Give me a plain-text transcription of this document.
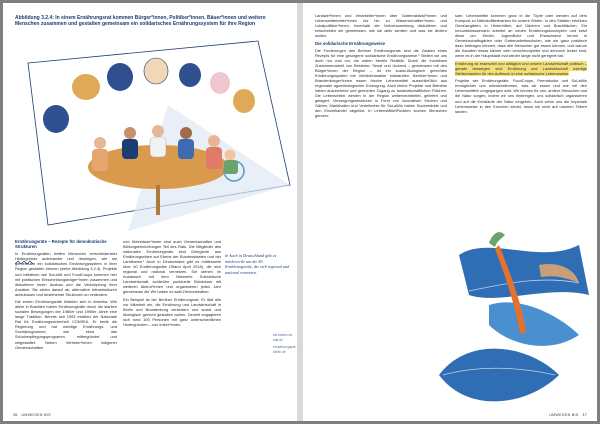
Abbildung 3.2.4: In einem Ernährungsrat kommen Bürger*innen, Politiker*innen, Bäuer*innen und weitere Menschen zusammen und gestalten gemeinsam ein solidarisches Ernährungssystem für ihre Region
Ernährungsräte – Rezepte für demokratische Strukturen

In Ernährungsräten treffen Menschen verschiedenster Hintergründe aufeinander und überlegen, wie sie gemeinsam ein solidarisches Ernährungssystem in ihrer Region gestalten können (siehe Abbildung 3.2.4). Projekte und Initiativen wie SoLaWi und FoodCoops kommen hier mit politischen Entscheidungsträger*innen zusammen und diskutieren einen Ausbau und die Verknüpfung ihrer Ansätze. Sie zielen darauf ab, alternative Infrastrukturen aufzubauen und bestehende Strukturen zu verändern.

Die ersten Ernährungsräte bildeten sich in Amerika. Wie allem in Brasilien haben Ernährungsräte durch die starken sozialen Bewegungen der 1980er und 1990er Jahre eine lange Tradition. Bereits seit 1993 existiert der Nationale Rat für Ernährungssicherheit CONSEA. Er berät die Regierung und hat wichtige Ernährungs- und Sozialprogramme, wie etwa das Schulverpflegungsprogramm, mitbegründet und mitgestaltet. Neben Vertreter*innen indigener Gemeinschaften

und Kleinbäuer*innen sind auch Gewerkschaften und Bildungseinrichtungen Teil des Rats. Die Mitglieder des nationalen Ernährungsrats sind Delegierte aus Ernährungsräten auf Ebene der Bundesstaaten und der Landkreise.¹ Auch in Deutschland gibt es mittlerweile über 40 Ernährungsräte (Stand April 2018), die sich regional und national vernetzen. Sie stehen im Austausch mit dem Netzwerk Solidarische Landwirtschaft, schließen punktuelle Bündnisse mit weiteren Akteur*innen und organisieren jedes Jahr gemeinsam die Wir haben es satt!-Demonstration.

Ein Beispiel ist der Berliner Ernährungsrat. Er lädt alle zur Mitarbeit ein, die Ernährung und Landwirtschaft in Berlin und Brandenburg verändern und sozial und ökologisch gerecht gestalten wollen. Derzeit engagieren sich rund 100 Personen mit ganz unterschiedlichen Hintergründen – von Imker*innen,

» Auch in Deutschland gibt es mittlerweile um die 40 Ernährungsräte, die sich regional und national vernetzen.
wir-haben-es-satt.de
ernaehrungsrat-berlin.de
36 UMWEGEN BIS

Landwirt*innen und Verarbeiter*innen über Gartenaktivist*innen und Lebensmittelretter*innen bis hin zu Wissenschaftler*innen und Lokalpolitiker*innen. Innerhalb der Vollversammlung diskutieren und entscheiden sie gemeinsam, wie sie aktiv werden und was sie ändern wollen.

Die solidarische Ernährungsweise

Die Forderungen des Berliner Ernährungsrats sind die Zutaten eines Rezepts für eine gelungene solidarische Ernährungsweise.² Stellen wir uns doch nur mal vor, sie wären bereits Realität: Durch die fruchtbare Zusammenarbeit von Besteher, Senat und Umland – gemeinsam mit den Bürger*innen der Region – ist ein sozial-ökologisch gerechtes Ernährungssystem mit Vorbildcharakter entstanden. Berliner*innen und Brandenburger*innen essen frische Lebensmittel ausschließlich aus regionaler agrarökologischer Erzeugung. Auch kleine Projekte und Betriebe haben ausreichend und gerechten Zugang zu landwirtschaftlichen Flächen. Die Lebensmittel werden in der Region weiterverarbeitet, geliefert und gelagert. Versorgungsstrukturen in Form von innovativen Küchen und Gärten, Markthallen und Verteilnetze für SoLaWis haben Supermärkte und den Einzelhandel abgelöst. In LebensMittelPunkten kochen Menschen gemein-

sam. Lebensmittel kommen ganz in die Töpfe oder werden auf dem Kompost zu Nährstofflieferanten für unsere Böden. In den Städten erblühen Gemüsegärten in Hinterhöfen, auf Dächern und Brachflächen. Ein Innovationsszenario arbeitet an neuen Ernährungskonzepten und setzt diese um. Kinder, Jugendliche und Erwachsene lernen in Gemeinschaftsgärten oder Gartenarbeitsschulen, wie sie ganz praktisch dazu beitragen können, dass alle Menschen gut essen können, und warum die Karotten etwas kleiner oder verschrumpelter und dennoch lecker sind, wenn es in der Hauptstadt mal wieder lange nicht geregnet hat.

Ernährung ist essenziell und alltäglich und unsere Landwirtschaft politisch – gerade deswegen sind Ernährung und Landwirtschaft wichtige Stellschrauben für den Aufbruch in eine solidarische Lebensweise.

Projekte wie Ernährungsräte, FoodCoops, Permakultur und SoLaWis ermöglichen uns mitzubestimmen, was wir essen und wie mit den Lebensmitteln umgegangen wird. Wir können für uns, andere Menschen und die Natur sorgen, indem wir uns einbringen, uns solidarisch organisieren und auf die Kreisläufe der Natur eingehen. Auch wenn uns die Imperiale Lebensweise in den Knochen steckt, muss sie nicht auf unseren Tellern landen.

UMWEGEN BIS 37
